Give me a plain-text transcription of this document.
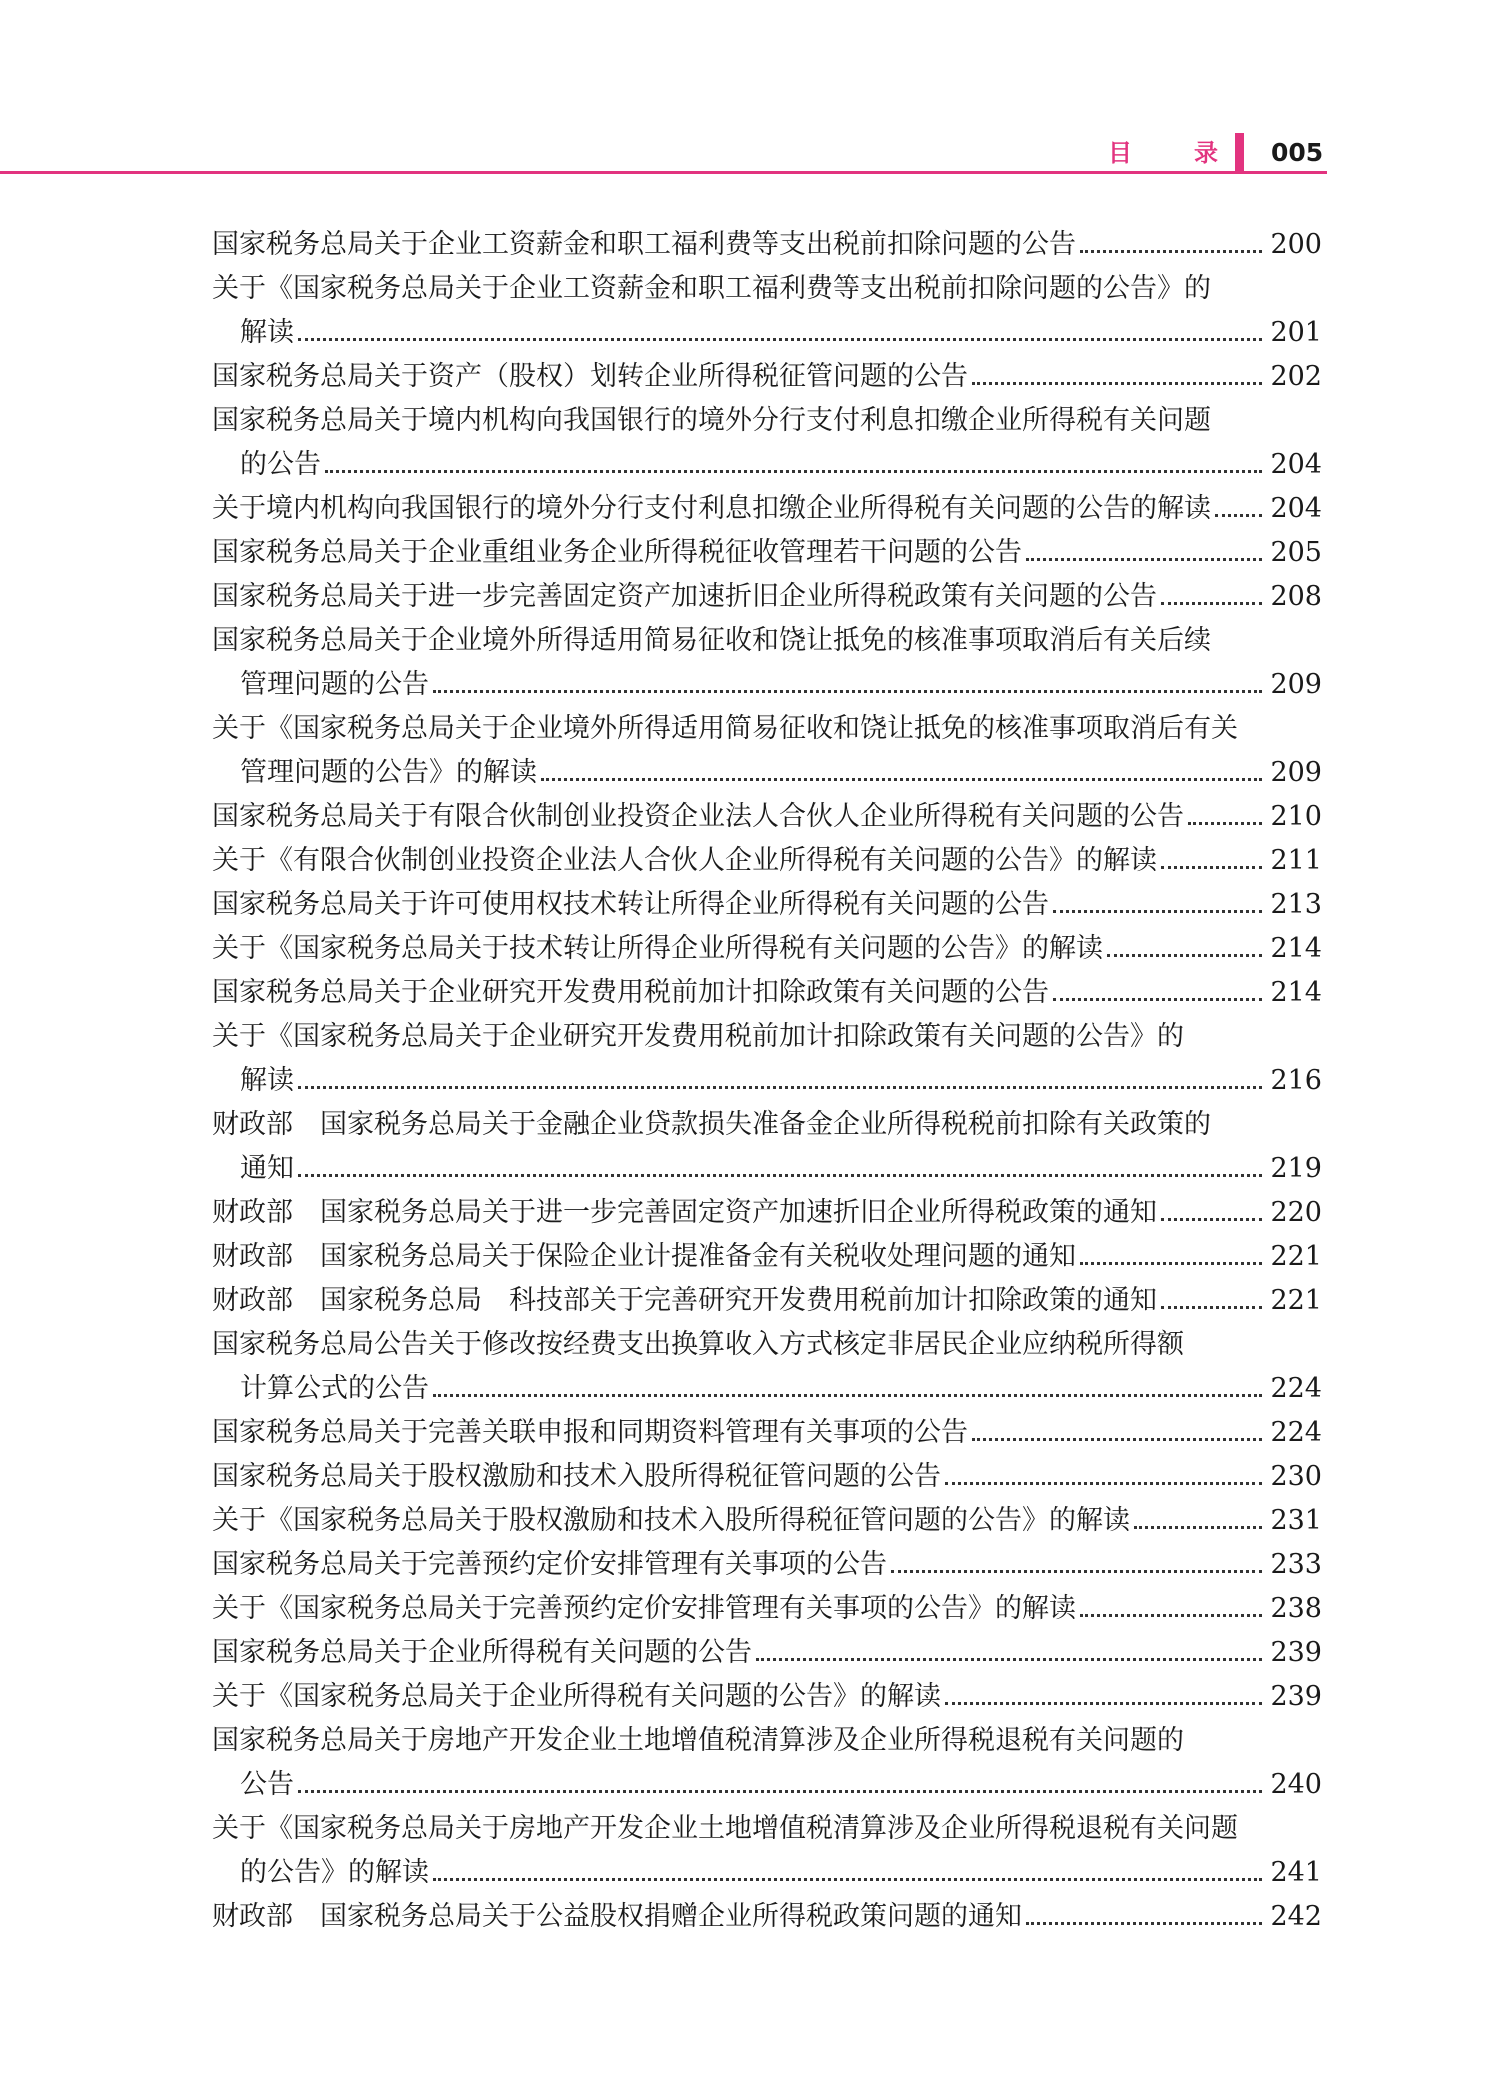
目	录 005
国家税务总局关于企业工资薪金和职工福利费等支出税前扣除问题的公告	200
关于《国家税务总局关于企业工资薪金和职工福利费等支出税前扣除问题的公告》的
解读	201
国家税务总局关于资产（股权）划转企业所得税征管问题的公告	202
国家税务总局关于境内机构向我国银行的境外分行支付利息扣缴企业所得税有关问题
的公告	204
关于境内机构向我国银行的境外分行支付利息扣缴企业所得税有关问题的公告的解读 204
国家税务总局关于企业重组业务企业所得税征收管理若干问题的公告	205
国家税务总局关于进一步完善固定资产加速折旧企业所得税政策有关问题的公告	208
国家税务总局关于企业境外所得适用简易征收和饶让抵免的核准事项取消后有关后续
管理问题的公告	209
关于《国家税务总局关于企业境外所得适用简易征收和饶让抵免的核准事项取消后有关
管理问题的公告》的解读	209
国家税务总局关于有限合伙制创业投资企业法人合伙人企业所得税有关问题的公告	210
关于《有限合伙制创业投资企业法人合伙人企业所得税有关问题的公告》的解读	211
国家税务总局关于许可使用权技术转让所得企业所得税有关问题的公告	213
关于《国家税务总局关于技术转让所得企业所得税有关问题的公告》的解读	214
国家税务总局关于企业研究开发费用税前加计扣除政策有关问题的公告	214
关于《国家税务总局关于企业研究开发费用税前加计扣除政策有关问题的公告》的
解读	216
财政部　国家税务总局关于金融企业贷款损失准备金企业所得税税前扣除有关政策的
通知	219
财政部　国家税务总局关于进一步完善固定资产加速折旧企业所得税政策的通知	220
财政部　国家税务总局关于保险企业计提准备金有关税收处理问题的通知	221
财政部　国家税务总局　科技部关于完善研究开发费用税前加计扣除政策的通知	221
国家税务总局公告关于修改按经费支出换算收入方式核定非居民企业应纳税所得额
计算公式的公告	224
国家税务总局关于完善关联申报和同期资料管理有关事项的公告	224
国家税务总局关于股权激励和技术入股所得税征管问题的公告	230
关于《国家税务总局关于股权激励和技术入股所得税征管问题的公告》的解读	231
国家税务总局关于完善预约定价安排管理有关事项的公告	233
关于《国家税务总局关于完善预约定价安排管理有关事项的公告》的解读	238
国家税务总局关于企业所得税有关问题的公告	239
关于《国家税务总局关于企业所得税有关问题的公告》的解读	239
国家税务总局关于房地产开发企业土地增值税清算涉及企业所得税退税有关问题的
公告	240
关于《国家税务总局关于房地产开发企业土地增值税清算涉及企业所得税退税有关问题
的公告》的解读	241
财政部　国家税务总局关于公益股权捐赠企业所得税政策问题的通知	242
